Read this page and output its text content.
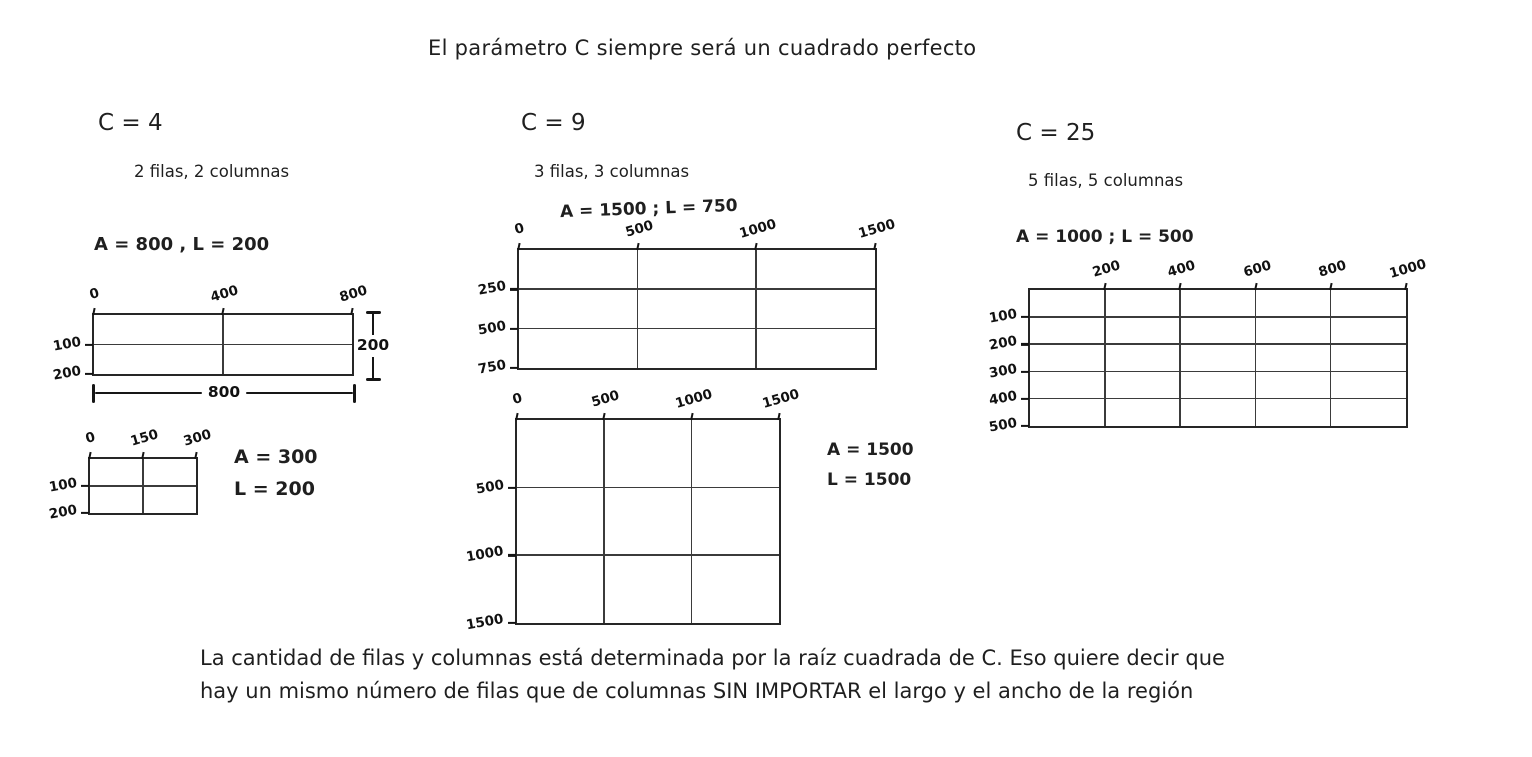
El parámetro C siempre será un cuadrado perfecto
C = 4
2 filas, 2 columnas
A = 800 , L = 200
0	400	800
100
200
200
800
0 150 300
100
200
A = 300
L = 200
C = 9
3 filas, 3 columnas
A = 1500 ; L = 750
0	500	1000	1500
250
500
750
0	500	1000	1500
500
1000
1500
A = 1500
L = 1500
C = 25
5 filas, 5 columnas
A = 1000 ; L = 500
200	400	600	800	1000
100
200
300
400
500
La cantidad de filas y columnas está determinada por la raíz cuadrada de C. Eso quiere decir que
hay un mismo número de filas que de columnas SIN IMPORTAR el largo y el ancho de la región
